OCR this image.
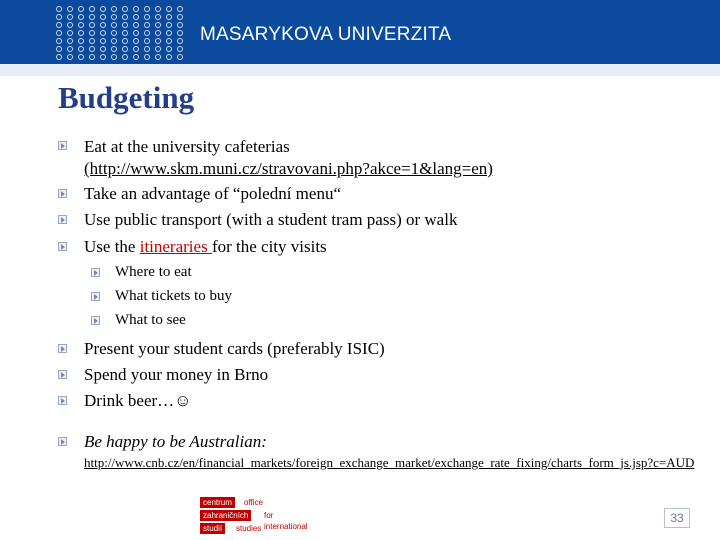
MASARYKOVA UNIVERZITA
Budgeting
Eat at the university cafeterias
(http://www.skm.muni.cz/stravovani.php?akce=1&lang=en)
Take an advantage of “polední menu“
Use public transport (with a student tram pass) or walk
Use the itineraries for the city visits
Where to eat
What tickets to buy
What to see
Present your student cards (preferably ISIC)
Spend your money in Brno
Drink beer…☺
Be happy to be Australian:
http://www.cnb.cz/en/financial_markets/foreign_exchange_market/exchange_rate_fixing/charts_form_js.jsp?c=AUD
centrum	office
zahraničních	for international
studií	studies
33
